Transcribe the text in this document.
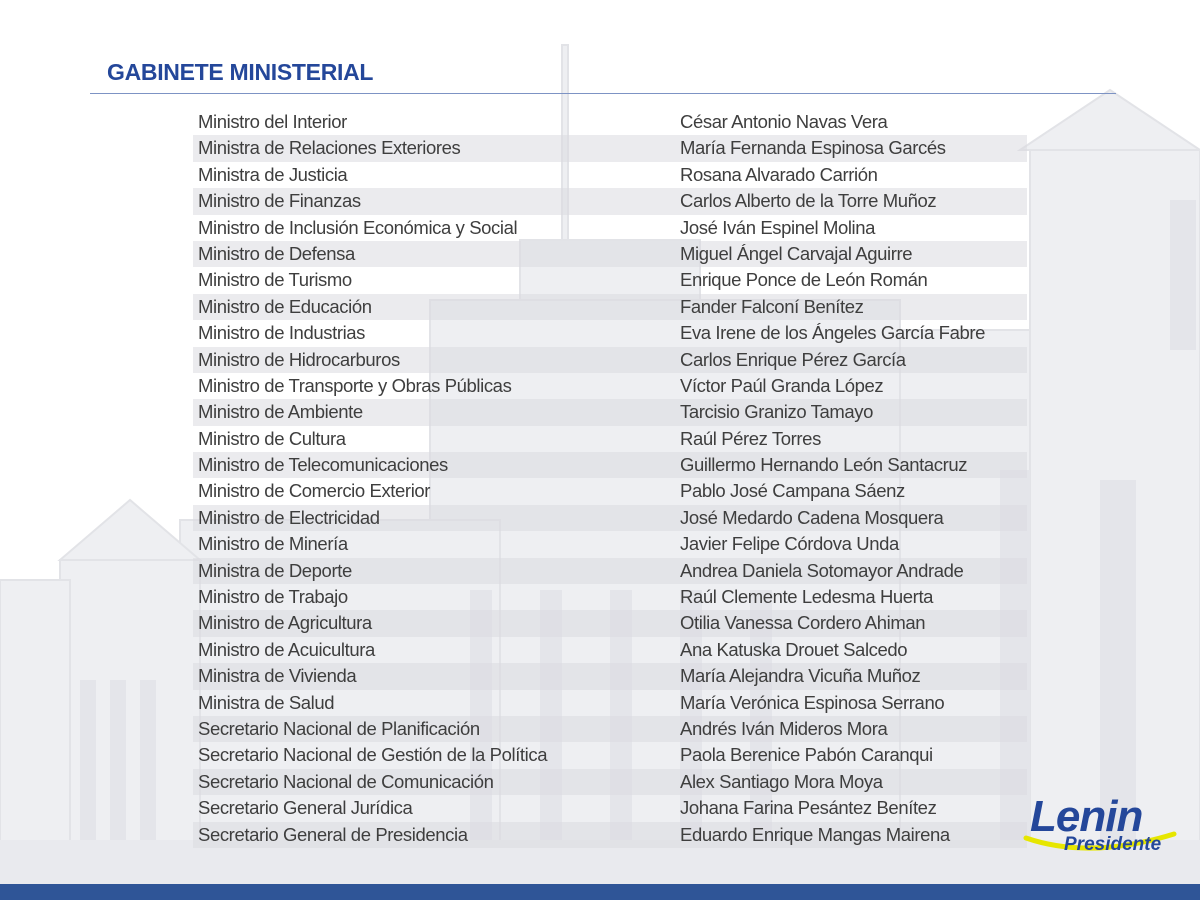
GABINETE MINISTERIAL
Ministro del Interior	César Antonio Navas Vera
Ministra de Relaciones Exteriores	María Fernanda Espinosa Garcés
Ministra de Justicia	Rosana Alvarado Carrión
Ministro de Finanzas	Carlos Alberto de la Torre Muñoz
Ministro de Inclusión Económica y Social	José Iván Espinel Molina
Ministro de Defensa	Miguel Ángel Carvajal Aguirre
Ministro de Turismo	Enrique Ponce de León Román
Ministro de Educación	Fander Falconí Benítez
Ministro de Industrias	Eva Irene de los Ángeles García Fabre
Ministro de Hidrocarburos	Carlos Enrique Pérez García
Ministro de Transporte y Obras Públicas	Víctor Paúl Granda López
Ministro de Ambiente	Tarcisio Granizo Tamayo
Ministro de Cultura	Raúl Pérez Torres
Ministro de Telecomunicaciones	Guillermo Hernando León Santacruz
Ministro de Comercio Exterior	Pablo José Campana Sáenz
Ministro de Electricidad	José Medardo Cadena Mosquera
Ministro de Minería	Javier Felipe Córdova Unda
Ministra de Deporte	Andrea Daniela Sotomayor Andrade
Ministro de Trabajo	Raúl Clemente Ledesma Huerta
Ministro de Agricultura	Otilia Vanessa Cordero Ahiman
Ministro de Acuicultura	Ana Katuska Drouet Salcedo
Ministra de Vivienda	María Alejandra Vicuña Muñoz
Ministra de Salud	María Verónica Espinosa Serrano
Secretario Nacional de Planificación	Andrés Iván Mideros Mora
Secretario Nacional de Gestión de la Política	Paola Berenice Pabón Caranqui
Secretario Nacional de Comunicación	Alex Santiago Mora Moya
Secretario General Jurídica	Johana Farina Pesántez Benítez
Secretario General de Presidencia	Eduardo Enrique Mangas Mairena Lenin

Presidente
